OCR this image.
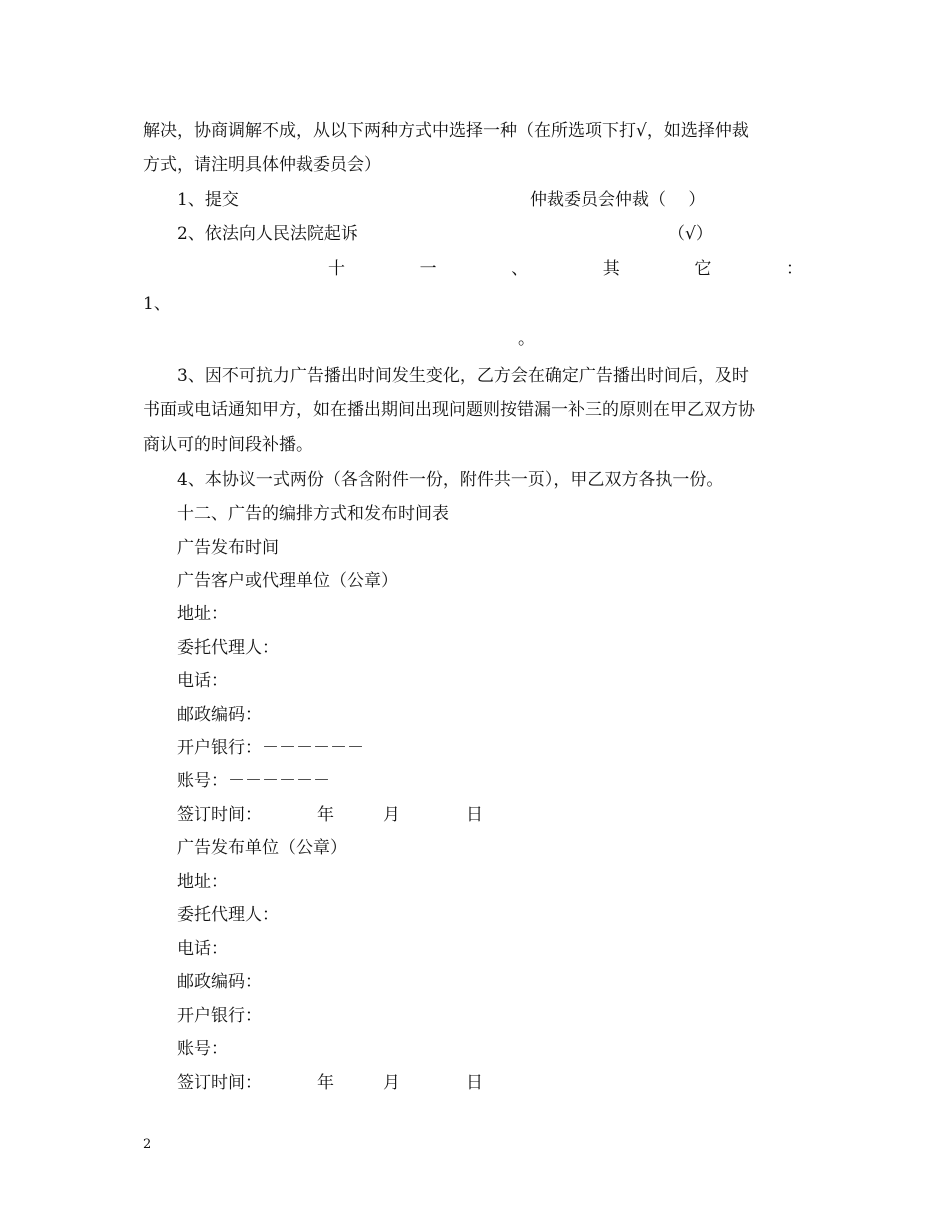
解决，协商调解不成，从以下两种方式中选择一种（在所选项下打√，如选择仲裁
方式，请注明具体仲裁委员会）
1、提交	仲裁委员会仲裁（　 ）
2、依法向人民法院起诉	（√）
十	一	、	其	它	：
1、
。
3、因不可抗力广告播出时间发生变化，乙方会在确定广告播出时间后，及时
书面或电话通知甲方，如在播出期间出现问题则按错漏一补三的原则在甲乙双方协
商认可的时间段补播。
4、本协议一式两份（各含附件一份，附件共一页），甲乙双方各执一份。
十二、广告的编排方式和发布时间表
广告发布时间
广告客户或代理单位（公章）
地址：
委托代理人：
电话：
邮政编码：
开户银行：－－－－－－
账号：－－－－－－
签订时间：	年	月	日
广告发布单位（公章）
地址：
委托代理人：
电话：
邮政编码：
开户银行：
账号：
签订时间：	年	月	日
2
